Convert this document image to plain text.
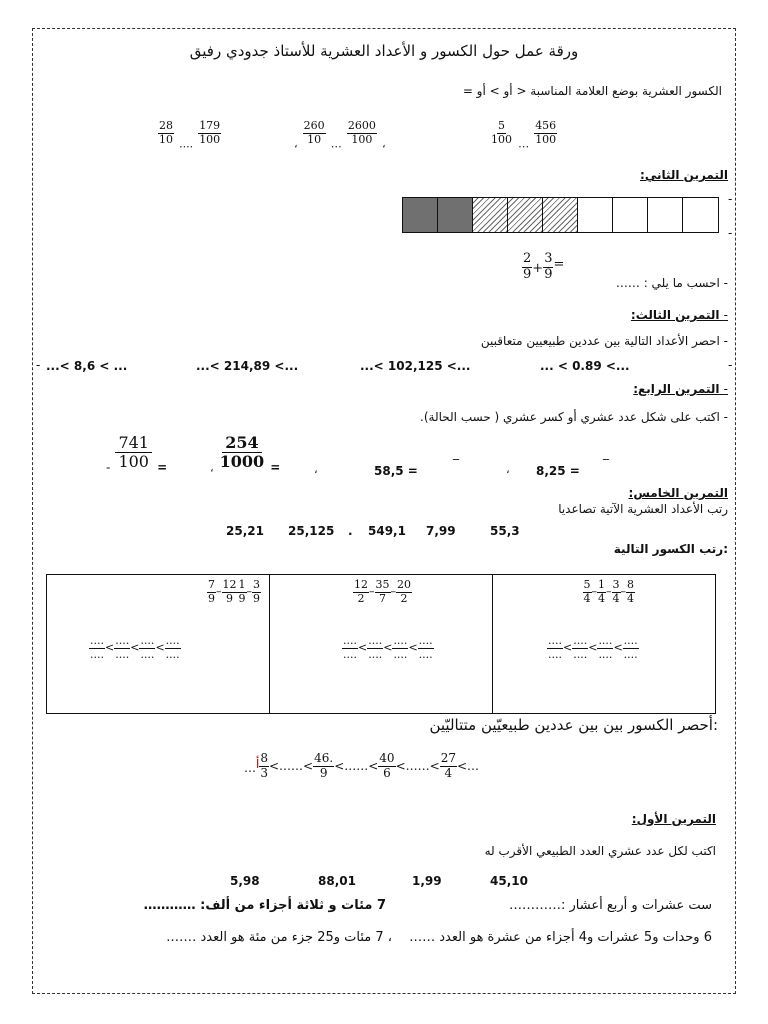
ورقة عمل حول الكسور و الأعداد العشرية للأستاذ جدودي رفيق
الكسور العشرية بوضع العلامة المناسبة < أو > أو =
$\frac{28}{10} _{....} \frac{179}{100}$	$_، \frac{260}{10} _\dots \frac{2600}{100} _،$	$\frac{5}{100} _\dots \frac{456}{100}$
التمرين الثاني:
-
-
$\frac{2}{9} + \frac{3}{9} ^=$
- احسب ما يلي : ……
- التمرين الثالث:
- احصر الأعداد التالية بين عددين طبيعيين متعاقبين
- ...< 8,6 < ...	...< 214,89 <...	...< 102,125 <...	... < 0.89 <...	-
- التمرين الرابع:
- اكتب على شكل عدد عشري أو كسر عشري ( حسب الحالة).
$_- \frac{741}{100} _=$	$_، \frac{254}{1000} _=$	،	58,5 =
_
، 8,25 =
_
التمرين الخامس:
رتب الأعداد العشرية الآتية تصاعديا
25,21 25,125 . 549,1 7,99	55,3
:رتب الكسور التالية
$\frac{7}{9} - \frac{12}{9} \frac{1}{9} - \frac{3}{9}$
$\frac{....}{....} < \frac{....}{....} < \frac{....}{....} < \frac{....}{....}$
$\frac{12}{2} - \frac{35}{7} - \frac{20}{2}$
$\frac{....}{....} < \frac{....}{....} < \frac{....}{....} < \frac{....}{....}$
$\frac{5}{4} - \frac{1}{4} - \frac{3}{4} - \frac{8}{4}$
$\frac{....}{....} < \frac{....}{....} < \frac{....}{....} < \frac{....}{....}$
:أحصر الكسور بين بين عددين طبيعيّين متتاليّين
…أ $\frac{8}{3}$ <……< $\frac{46.}{9}$ <……< $\frac{40}{6}$ <……< $\frac{27}{4}$ <…
التمرين الأول:
اكتب لكل عدد عشري العدد الطبيعي الأقرب له
5,98	88,01	1,99	45,10
ست عشرات و أربع أعشار :…………
7 مئات و ثلاثة أجزاء من ألف: …………
6 وحدات و5 عشرات و4 أجزاء من عشرة هو العدد ……
، 7 مئات و25 جزء من مئة هو العدد …….
